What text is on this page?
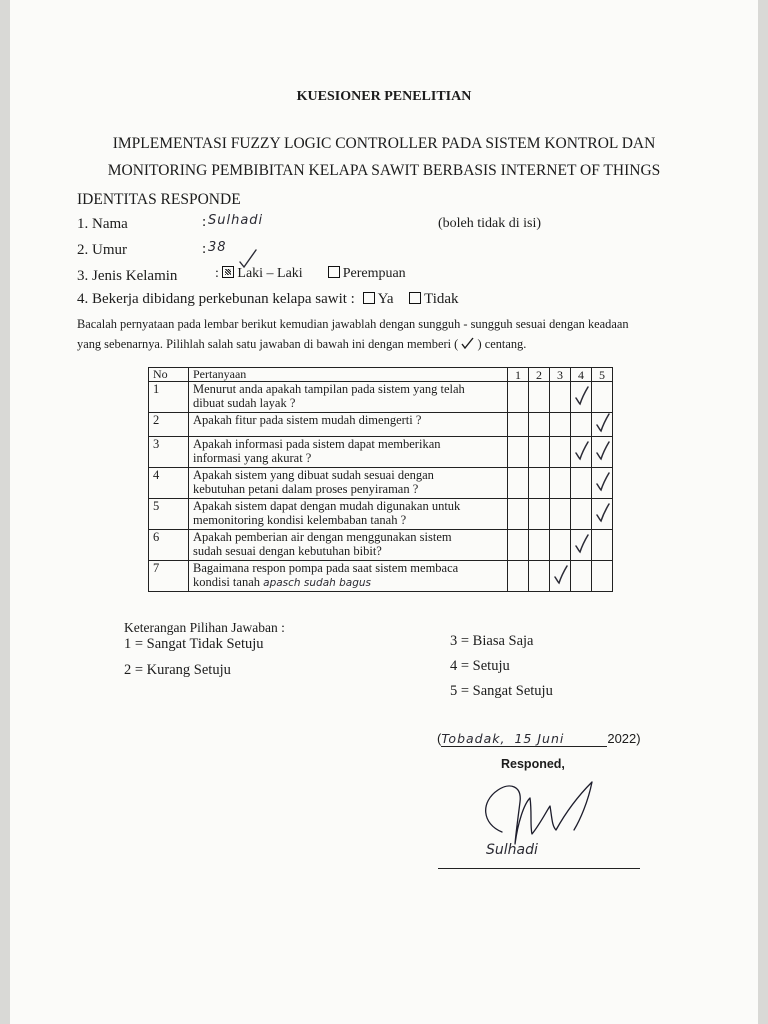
KUESIONER PENELITIAN
IMPLEMENTASI FUZZY LOGIC CONTROLLER PADA SISTEM KONTROL DAN
MONITORING PEMBIBITAN KELAPA SAWIT BERBASIS INTERNET OF THINGS
IDENTITAS RESPONDE
1. Nama	: Sulhadi	(boleh tidak di isi)
2. Umur	: 38
3. Jenis Kelamin	: Laki – Laki	Perempuan
4. Bekerja dibidang perkebunan kelapa sawit : Ya Tidak
Bacalah pernyataan pada lembar berikut kemudian jawablah dengan sungguh - sungguh sesuai dengan keadaan
yang sebenarnya. Pilihlah salah satu jawaban di bawah ini dengan memberi ( ) centang.
No	Pertanyaan	1	2	3	4	5
1	Menurut anda apakah tampilan pada sistem yang telah
dibuat sudah layak ?					
2	Apakah fitur pada sistem mudah dimengerti ?					
3	Apakah informasi pada sistem dapat memberikan
informasi yang akurat ?					
4	Apakah sistem yang dibuat sudah sesuai dengan
kebutuhan petani dalam proses penyiraman ?					
5	Apakah sistem dapat dengan mudah digunakan untuk
memonitoring kondisi kelembaban tanah ?					
6	Apakah pemberian air dengan menggunakan sistem
sudah sesuai dengan kebutuhan bibit?					
7	Bagaimana respon pompa pada saat sistem membaca
kondisi tanah apasch sudah bagus					
Keterangan Pilihan Jawaban :
1 = Sangat Tidak Setuju
2 = Kurang Setuju
3 = Biasa Saja
4 = Setuju
5 = Sangat Setuju
(Tobadak, 15 Juni	2022)
Responed,
Sulhadi
